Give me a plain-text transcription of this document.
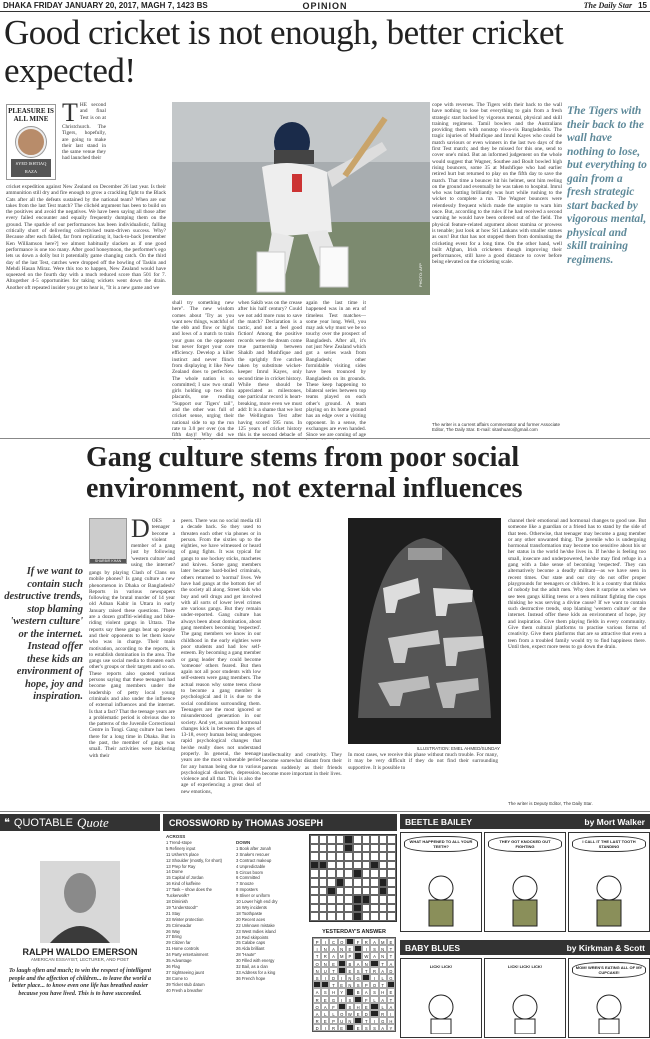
DHAKA FRIDAY JANUARY 20, 2017, MAGH 7, 1423 BS	OPINION	The Daily Star 15
Good cricket is not enough, better cricket expected!
PLEASURE IS ALL MINE
SYED ISHTIAQ RAZA
THE second and final Test is on at Christchurch. The Tigers, hopefully, are going to make their last stand in the same venue they had launched their
cricket expedition against New Zealand on December 26 last year. Is their ammunition still dry and fire enough to grow a crackling fight to the Black Cats after all the defeats sustained by the national team? When are our takes from the last Test match? The clichéd argument has been to build on the positives and avoid the negatives. We have been saying all those after every failed encounter and equally frequently dumping them on the ground. The sparkle of our performances has been individualistic, falling critically short of delivering collectivised team-driven success. Why? Because after each failed, far from replicating it, back-to-back [remember Ken Williamson here?] we almost habitually slacken as if one good performance is one too many. After good honeymoon, the performer's ego lets us down a dolly but it potentially game changing catch. On the third day of the last Test, catches were dropped off the bowling of Taskin and Mehdi Hasan Miraz. Were this too to happen, New Zealand would have squeezed on the fourth day with a much reduced score than 501 for 7. Altogether 4-5 opportunities for taking wickets went down the drain. Another oft repeated insider you get to hear is, "It is a new game and we
PHOTO: AFP
shall try something new here". The new wisdom comes about 'Try as you want new things, watchful of the ebb and flow or highs and lows of a match to train your guns on the opponent but never forget your core efficiency. Develop a killer instinct and never flinch from displaying it like New Zealand does to perfection. The whole nation is so committed; I saw two small girls holding up two thin placards, one reading "Support our Tigers' tail", and the other was full of cricket sense, urging their national side to up the run rate to 3.0 per over (on the fifth day)! Why did we
when Sakib was on the crease after his half century? Could we not add more runs to save the match? Declaration is a tactic, and not a feel good fiction! Among the positive records were the dream come true partnership between Shakib and Mushfique and the sprightly five catches taken by substitute wicket-keeper Imrul Kayes, only second time in cricket history. While these should be appreciated as milestones, one particular record is heart-breaking, more even we must add: It is a shame that we lost the Wellington Test after having scored 595 runs. In 125 years of cricket history this is the second debacle of
again the last time it happened was in an era of timeless Test matches—some year long. Well, you may ask why must we be so touchy over the prospect of Bangladesh. After all, it's not just New Zealand which got a series wash from Bangladesh; other formidable visiting sides have been trounced by Bangladesh on its grounds. These keep happening to bilateral series between top teams played on each other's ground. A team playing on its home ground has an edge over a visiting opponent. In a sense, the exchanges are even handed. Since we are coming of age
cope with reverses. The Tigers with their back to the wall have nothing to lose but everything to gain from a fresh strategic start backed by vigorous mental, physical and skill training regimens. Tamil bowlers and the Australians providing them with nonstop vis-a-vis Bangladeshis. The tragic injuries of Mushfique and Imrul Kayes who could be match saviours or even winners in the last two days of the first Test match; and they be missed for this one, send to cover one's mind. But an informed judgement on the whole would suggest that Wagner, Southee and Boult bowled high rising bouncers, some 35 at Mushfique who had earlier retired hurt but returned to play on the fifth day to save the match. That time a bouncer hit his helmet, sent him reeling on the ground and eventually he was taken to hospital. Imrul who was batting brilliantly was hurt while rushing to the wicket to complete a run. The Wagner bouncers were relentlessly frequent which made the umpire to warn him once. But, according to the rules if he had received a second warning he would have been ordered out of the field. The physical feature-related argument about stamina or prowess is tenable; just look at how Sri Lankans with smaller statues as ours! But that has not stopped them from dominating the cricketing event for a long time. On the other hand, well built Afghan, Irish cricketers though improving their performances, still have a good distance to cover before being elevated on the cricketing scale.
The writer is a current affairs commentator and former Associate Editor, The Daily Star. E-mail: sitashuaro@gmail.com
The Tigers with their back to the wall have nothing to lose, but everything to gain from a fresh strategic start backed by vigorous mental, physical and skill training regimens.
Gang culture stems from poor social environment, not external influences
SHARBIR KHAN
DOES a teenager become a violent member of a gang just by following 'western culture' and using the internet?
gangs by playing Clash of Clans on mobile phones? Is gang culture a new phenomenon in Dhaka or Bangladesh? Reports in various newspapers following the brutal murder of 14 year old Adnan Kabir in Uttara in early January raised these questions. There are a dozen graffiti-wielding and bike-riding violent gangs in Uttara. The reports say these gangs beat up people and their opponents to let them know who was in charge. Their main motivation, according to the reports, is to establish domination in the area. The gangs use social media to threaten each other's groups or their targets and so on. These reports also quoted various persons saying that these teenagers had become gang members under the leadership of petty local young criminals and also under the influence of external influences and the internet. Is that a fact? That the teenage years are a problematic period is obvious due to the patterns of the Juvenile Correctional Centre in Tongi. Gang culture has been there for a long time in Dhaka. But in the past, the member of gangs was small. Their activities were bickering with their
peers. There was no social media till a decade back. So they used to threaten each other via phones or in person. From the sixties up to the eighties, we have witnessed or heard of gang fights. It was typical for gangs to use hockey sticks, machetes and knives. Some gang members later became hard-boiled criminals, others returned to 'normal' lives. We have had gangs at the bottom tier of the society all along. Street kids who buy and sell drugs and get involved with all sorts of lower level crimes are various gangs. But they remain under-reported. Gang culture has always been about domination, about gang members becoming 'respected'. The gang members we know in our childhood in the early eighties were poor students and had low self-esteem. By becoming a gang member or gang leader they could become 'someone' others feared. But then again not all poor students with low self-esteem were gang members. The actual reason why some teens chose to become a gang member is psychological and it is due to the social conditions surrounding them. Teenagers are the most ignored or misunderstood generation in our society. And yet, as natural hormonal changes kick in between the ages of 13-18, every human being undergoes rapid psychological changes that he/she really does not understand properly. In general, the teenage years are the most vulnerable period for any human being due to various psychological disorders, depression, violence and all that. This is also the age of experiencing a great deal of new emotions,
If we want to contain such destructive trends, stop blaming 'western culture' or the internet. Instead offer these kids an environment of hope, joy and inspiration.
ILLUSTRATION: EMEL AHMED/SUNDAY
intellectuality and creativity. They become somewhat distant from their parents suddenly as their friends become more important in their lives.
In most cases, we receive this phase without much trouble. For many, it may be very difficult if they do not find their surrounding supportive. It is possible to
channel their emotional and hormonal changes to good use. But someone like a guardian or a friend has to stand by the side of that teen. Otherwise, that teenager may become a gang member or any other unwanted thing. The juvenile who is undergoing hormonal transformation may become too sensitive about his or her status in the world he/she lives in. If he/she is feeling too small, insecure and underpowered, he/she may find refuge in a gang with a fake sense of becoming 'respected'. They can alternatively become a deadly militant—as we have seen in recent times. Our state and our city do not offer proper playgrounds for teenagers or children. It is a country that thinks of nobody but the adult men. Why does it surprise us when we see teen gangs killing teens or a teen militant fighting the cops thinking he was serving a divine cause? If we want to contain such destructive trends, stop blaming 'western culture' or the internet. Instead offer these kids an environment of hope, joy and inspiration. Give them playing fields in every community. Give them cultural platforms to practise various forms of creativity. Give them platforms that are so attractive that even a teen from a troubled family would try to find happiness there. Until then, expect more teens to go down the drain.
The writer is Deputy Editor, The Daily Star.
❝ QUOTABLE Quote
RALPH WALDO EMERSON
AMERICAN ESSAYIST, LECTURER, AND POET
To laugh often and much; to win the respect of intelligent people and the affection of children... to leave the world a better place... to know even one life has breathed easier because you have lived. This is to have succeeded.
CROSSWORD by THOMAS JOSEPH
ACROSS
1 Trend-stope
5 Refinery input
11 Ushers's place
12 Shoulder (mostly, for short)
13 Prep for Ray
14 Dome
15 Capital of Jordan
16 Kind of kaffeine
17 Task – show does the Tuckerwolk?
18 Diminish
19 "Understood!"
21 Stay
23 Winter protection
25 Crimeadar
26 Way
27 Bring
29 Citizen far
31 Home controls
34 Party entertainment
35 Advantage
36 Flag
37 Sightseeing jaunt
38 Come to
39 Ticket stub datum
40 Fresh a breather
DOWN
1 Book after Jonah
2 Snake's rescuer
3 Contract makeup
4 Unpredictable
5 Circus boom
6 Committed
7 Snooze
8 Imposters
9 Sliver or uniform
10 Lower high end dry
16 Wry incidents
18 Toothpaste
20 Recent aces
22 Unknown mistake
23 West Indies island
24 Red skirpoints
25 Calabe caps
26 Alda brilliant
28 "Haute"
30 Filled with energy
32 Bail, as a clan
33 Address for a king
36 French hope
YESTERDAY'S ANSWER
P	I	C	O	F	R	A	M	E
I	N	A	N	E	I	S	N	T
T	R	A	M	P	W	A	N	T
O	N	E	B	A	N	T	A
N	U	T	E	S	T	R	A	D
S	I	D	I	N	G	I	L	G
T	E	N	S	P	O	T
A	S	H	Y	B	A	S	H	E
R	E	G	I	S	F	L	A	T
O	A	F	S	H	E	L	A
A	L	L	O	W	E	D	R	I
R	E	P	U	N	T	I	G	H
D	I	R	E	E	S	S	A	Y
BEETLE BAILEY	by Mort Walker
WHAT HAPPENED TO ALL YOUR TEETH?
THEY GOT KNOCKED OUT FIGHTING
I CALL IT THE LAST TOOTH STANDING
BABY BLUES	by Kirkman & Scott
LICK! LICK!	LICK! LICK! LICK!	MOM! WREN'S EATING ALL OF MY CUPCAKE!
